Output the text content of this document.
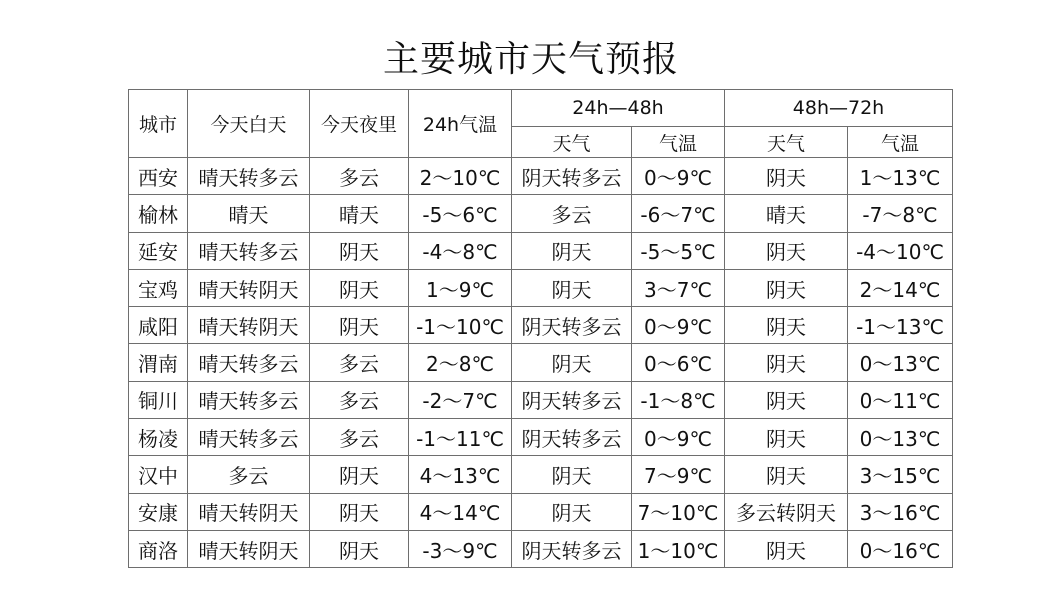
主要城市天气预报
城市	今天白天	今天夜里	24h气温	24h—48h		48h—72h	
				天气	气温	天气	气温
西安	晴天转多云	多云	2～10℃	阴天转多云	0～9℃	阴天	1～13℃
榆林	晴天	晴天	-5～6℃	多云	-6～7℃	晴天	-7～8℃
延安	晴天转多云	阴天	-4～8℃	阴天	-5～5℃	阴天	-4～10℃
宝鸡	晴天转阴天	阴天	1～9℃	阴天	3～7℃	阴天	2～14℃
咸阳	晴天转阴天	阴天	-1～10℃	阴天转多云	0～9℃	阴天	-1～13℃
渭南	晴天转多云	多云	2～8℃	阴天	0～6℃	阴天	0～13℃
铜川	晴天转多云	多云	-2～7℃	阴天转多云	-1～8℃	阴天	0～11℃
杨凌	晴天转多云	多云	-1～11℃	阴天转多云	0～9℃	阴天	0～13℃
汉中	多云	阴天	4～13℃	阴天	7～9℃	阴天	3～15℃
安康	晴天转阴天	阴天	4～14℃	阴天	7～10℃	多云转阴天	3～16℃
商洛	晴天转阴天	阴天	-3～9℃	阴天转多云	1～10℃	阴天	0～16℃
